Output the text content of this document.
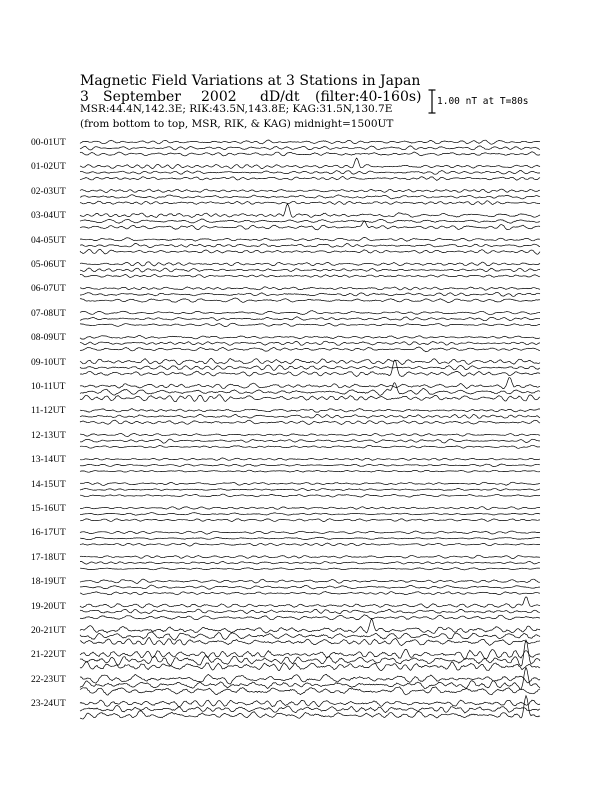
Magnetic Field Variations at 3 Stations in Japan
3 September 2002 dD/dt (filter:40-160s)
MSR:44.4N,142.3E; RIK:43.5N,143.8E; KAG:31.5N,130.7E
(from bottom to top, MSR, RIK, & KAG) midnight=1500UT
1.00 nT at T=80s
00-01UT
01-02UT
02-03UT
03-04UT
04-05UT
05-06UT
06-07UT
07-08UT
08-09UT
09-10UT
10-11UT
11-12UT
12-13UT
13-14UT
14-15UT
15-16UT
16-17UT
17-18UT
18-19UT
19-20UT
20-21UT
21-22UT
22-23UT
23-24UT
